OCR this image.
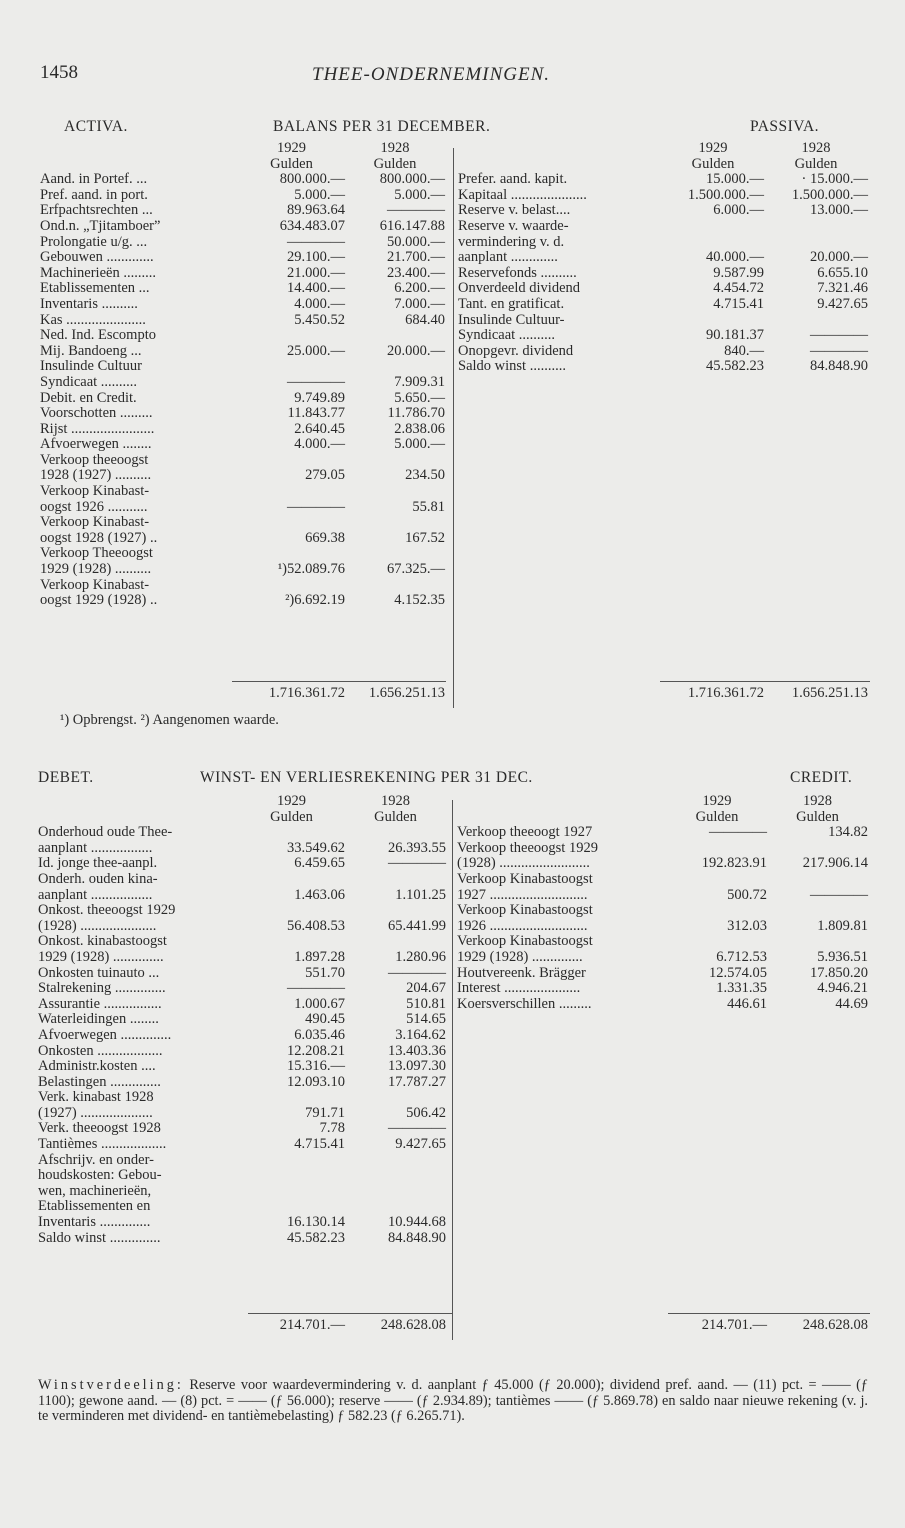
1458	THEE-ONDERNEMINGEN.
ACTIVA.	BALANS PER 31 DECEMBER.	PASSIVA.
	1929	1928
	Gulden	Gulden
Aand. in Portef. ...	800.000.—	800.000.—
Pref. aand. in port.	5.000.—	5.000.—
Erfpachtsrechten ...	89.963.64	————
Ond.n. „Tjitamboer”	634.483.07	616.147.88
Prolongatie u/g. ...	————	50.000.—
Gebouwen .............	29.100.—	21.700.—
Machinerieën .........	21.000.—	23.400.—
Etablissementen ...	14.400.—	6.200.—
Inventaris ..........	4.000.—	7.000.—
Kas ......................	5.450.52	684.40
Ned. Ind. Escompto		
Mij. Bandoeng ...	25.000.—	20.000.—
Insulinde Cultuur		
Syndicaat ..........	————	7.909.31
Debit. en Credit.	9.749.89	5.650.—
Voorschotten .........	11.843.77	11.786.70
Rijst .......................	2.640.45	2.838.06
Afvoerwegen ........	4.000.—	5.000.—
Verkoop theeoogst		
1928 (1927) ..........	279.05	234.50
Verkoop Kinabast-		
oogst 1926 ...........	————	55.81
Verkoop Kinabast-		
oogst 1928 (1927) ..	669.38	167.52
Verkoop Theeoogst		
1929 (1928) ..........	¹)52.089.76	67.325.—
Verkoop Kinabast-		
oogst 1929 (1928) ..	²)6.692.19	4.152.35
	1929	1928
	Gulden	Gulden
Prefer. aand. kapit.	15.000.—	· 15.000.—
Kapitaal .....................	1.500.000.—	1.500.000.—
Reserve v. belast....	6.000.—	13.000.—
Reserve v. waarde-		
vermindering v. d.		
aanplant .............	40.000.—	20.000.—
Reservefonds ..........	9.587.99	6.655.10
Onverdeeld dividend	4.454.72	7.321.46
Tant. en gratificat.	4.715.41	9.427.65
Insulinde Cultuur-		
Syndicaat ..........	90.181.37	————
Onopgevr. dividend	840.—	————
Saldo winst ..........	45.582.23	84.848.90
	1.716.361.72	1.656.251.13
		1.716.361.72	1.656.251.13
¹) Opbrengst. ²) Aangenomen waarde.
DEBET.	WINST- EN VERLIESREKENING PER 31 DEC.	CREDIT.
	1929	1928
	Gulden	Gulden
Onderhoud oude Thee-		
aanplant .................	33.549.62	26.393.55
Id. jonge thee-aanpl.	6.459.65	————
Onderh. ouden kina-		
aanplant .................	1.463.06	1.101.25
Onkost. theeoogst 1929		
(1928) .....................	56.408.53	65.441.99
Onkost. kinabastoogst		
1929 (1928) ..............	1.897.28	1.280.96
Onkosten tuinauto ...	551.70	————
Stalrekening ..............	————	204.67
Assurantie ................	1.000.67	510.81
Waterleidingen ........	490.45	514.65
Afvoerwegen ..............	6.035.46	3.164.62
Onkosten ..................	12.208.21	13.403.36
Administr.kosten ....	15.316.—	13.097.30
Belastingen ..............	12.093.10	17.787.27
Verk. kinabast 1928		
(1927) ....................	791.71	506.42
Verk. theeoogst 1928	7.78	————
Tantièmes ..................	4.715.41	9.427.65
Afschrijv. en onder-		
houdskosten: Gebou-		
wen, machinerieën,		
Etablissementen en		
Inventaris ..............	16.130.14	10.944.68
Saldo winst ..............	45.582.23	84.848.90
	1929	1928
	Gulden	Gulden
Verkoop theeoogt 1927	————	134.82
Verkoop theeoogst 1929		
(1928) .........................	192.823.91	217.906.14
Verkoop Kinabastoogst		
1927 ...........................	500.72	————
Verkoop Kinabastoogst		
1926 ...........................	312.03	1.809.81
Verkoop Kinabastoogst		
1929 (1928) ..............	6.712.53	5.936.51
Houtvereenk. Brägger	12.574.05	17.850.20
Interest .....................	1.331.35	4.946.21
Koersverschillen .........	446.61	44.69
	214.701.—	248.628.08
		214.701.—	248.628.08
Winstverdeeling: Reserve voor waardevermindering v. d. aanplant ƒ 45.000 (ƒ 20.000); dividend pref. aand. — (11) pct. = —— (ƒ 1100); gewone aand. — (8) pct. = —— (ƒ 56.000); reserve —— (ƒ 2.934.89); tantièmes —— (ƒ 5.869.78) en saldo naar nieuwe rekening (v. j. te verminderen met dividend- en tantièmebelasting) ƒ 582.23 (ƒ 6.265.71).
